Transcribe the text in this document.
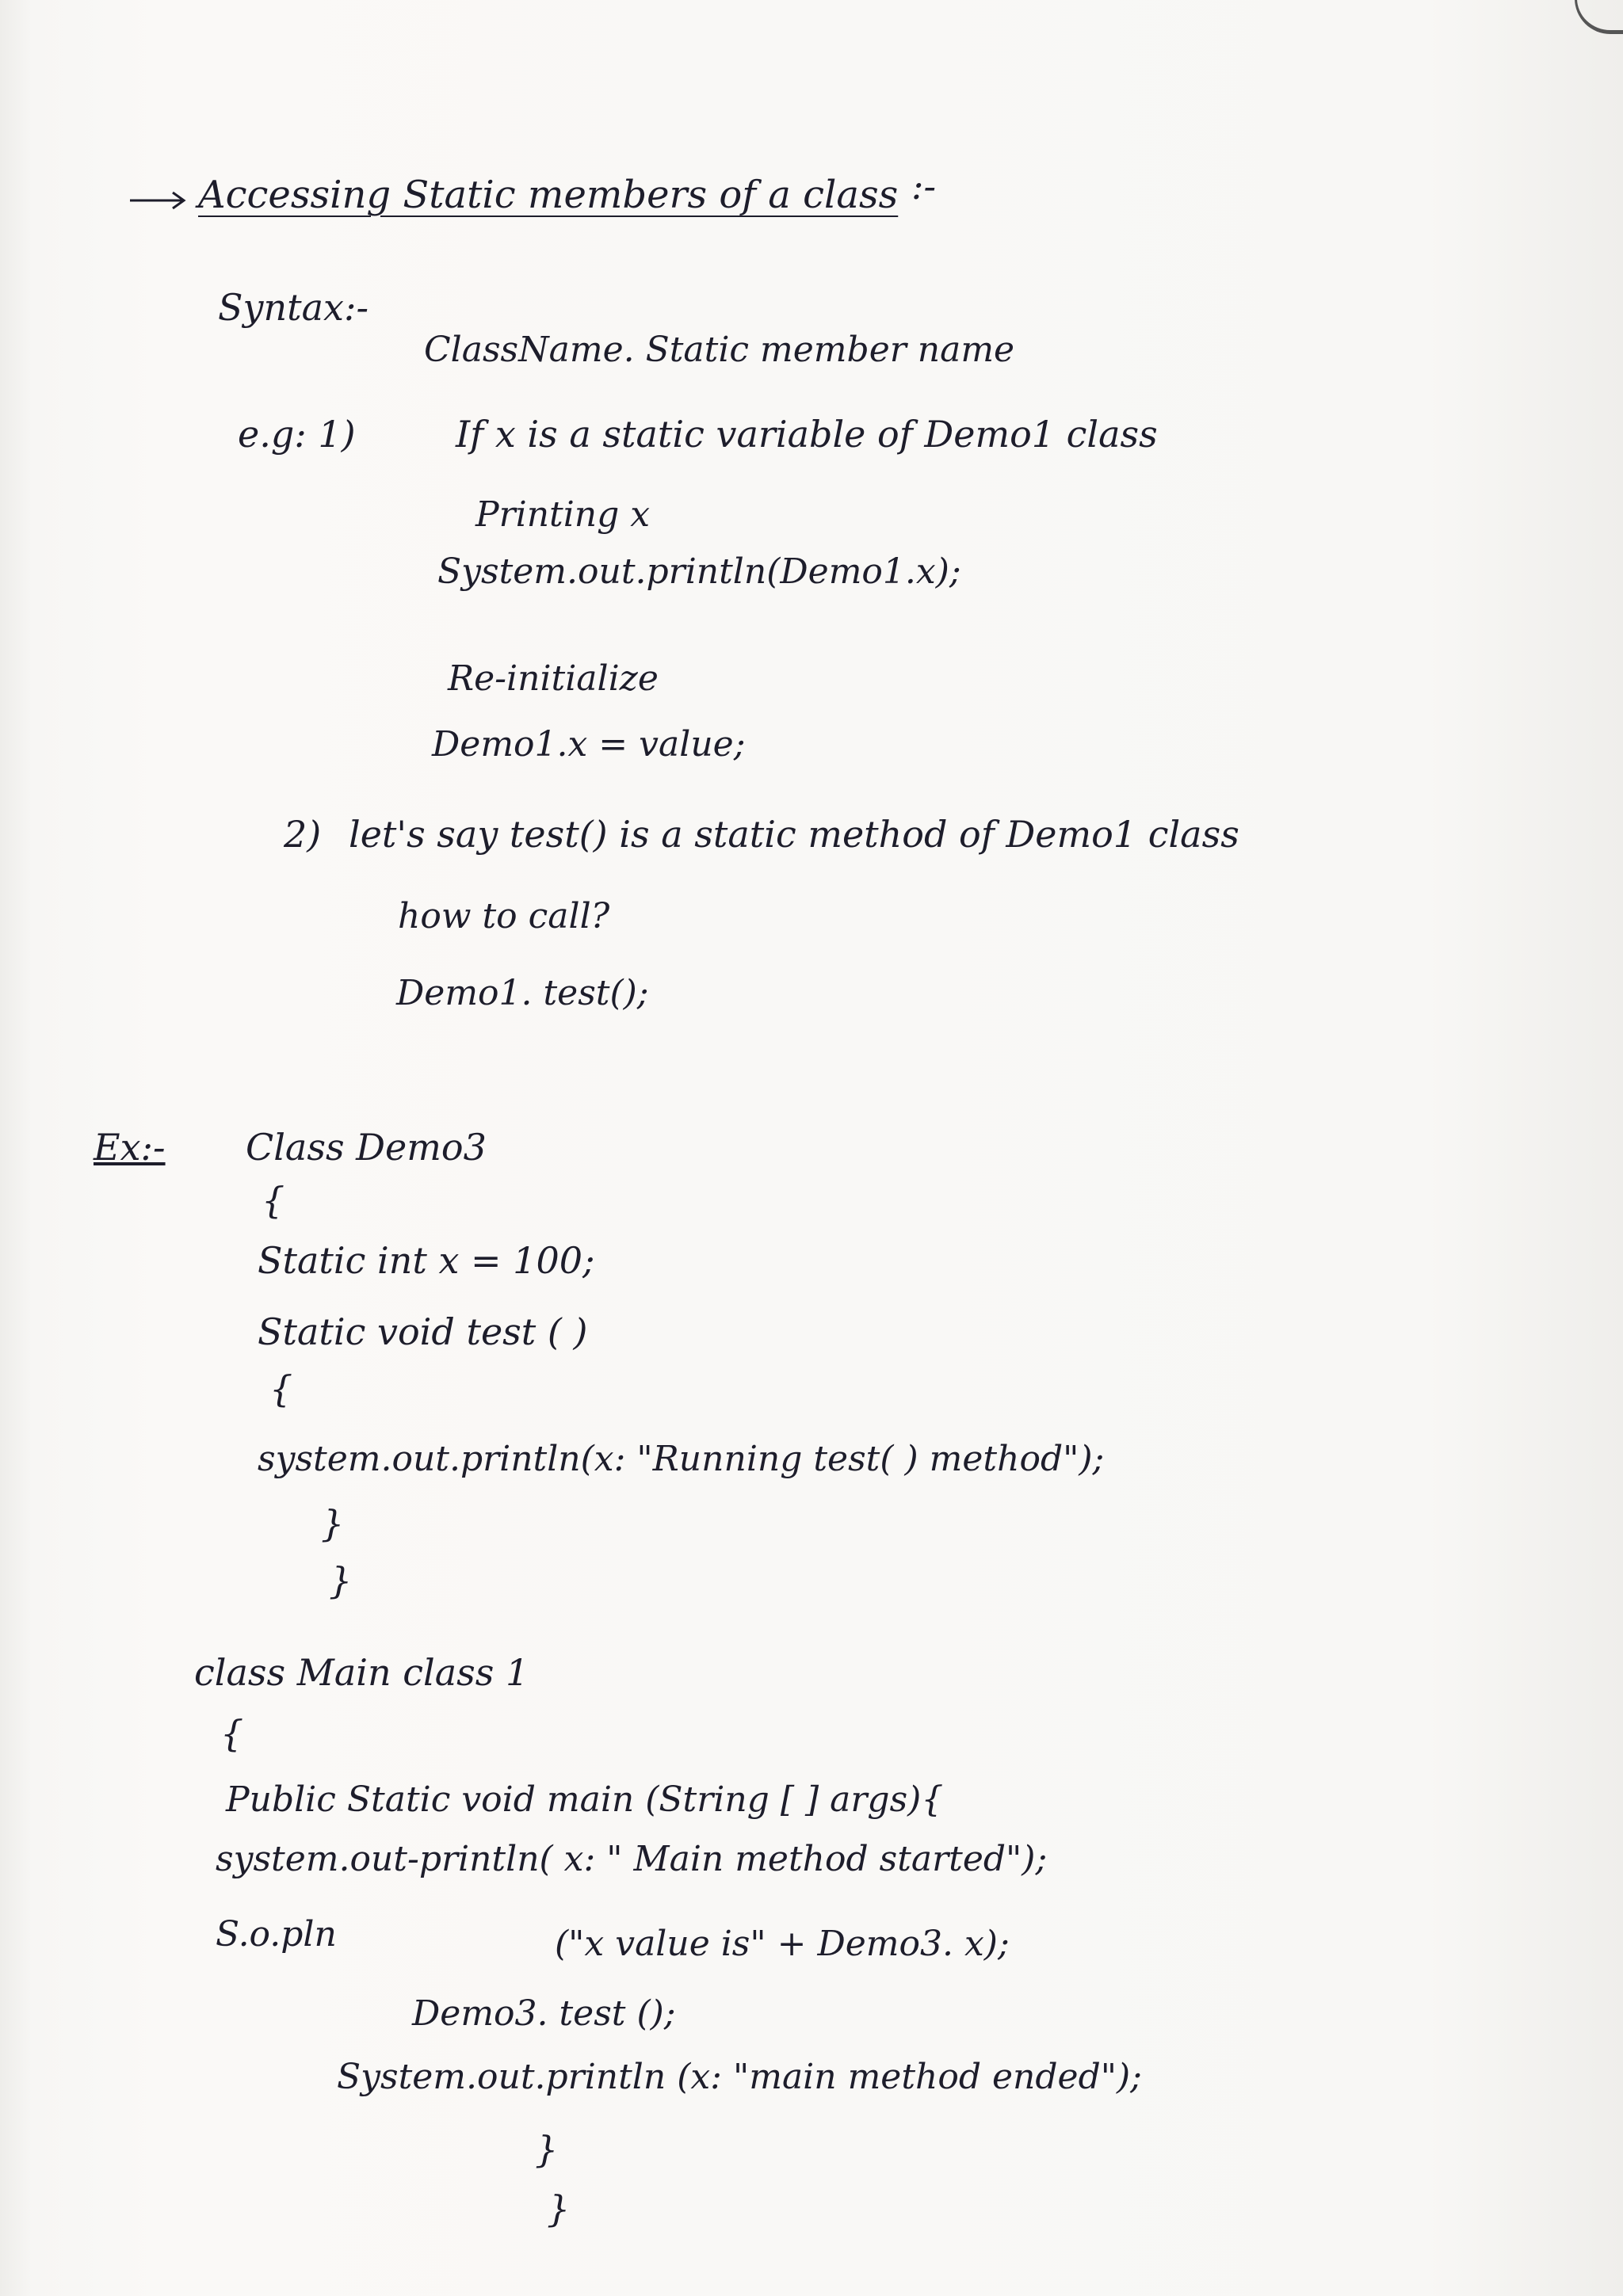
Accessing Static members of a class :-
Syntax:-
ClassName. Static member name
e.g: 1)	If x is a static variable of Demo1 class
Printing x
System.out.println(Demo1.x);
Re-initialize
Demo1.x = value;
2) let's say test() is a static method of Demo1 class
how to call?
Demo1. test();
Ex:- Class Demo3
{
Static int x = 100;
Static void test ( )
{
system.out.println(x: "Running test( ) method");
}
}
class Main class 1
{
Public Static void main (String [ ] args){
system.out-println( x: " Main method started");
S.o.pln	("x value is" + Demo3. x);
Demo3. test ();
System.out.println (x: "main method ended");
}
}
